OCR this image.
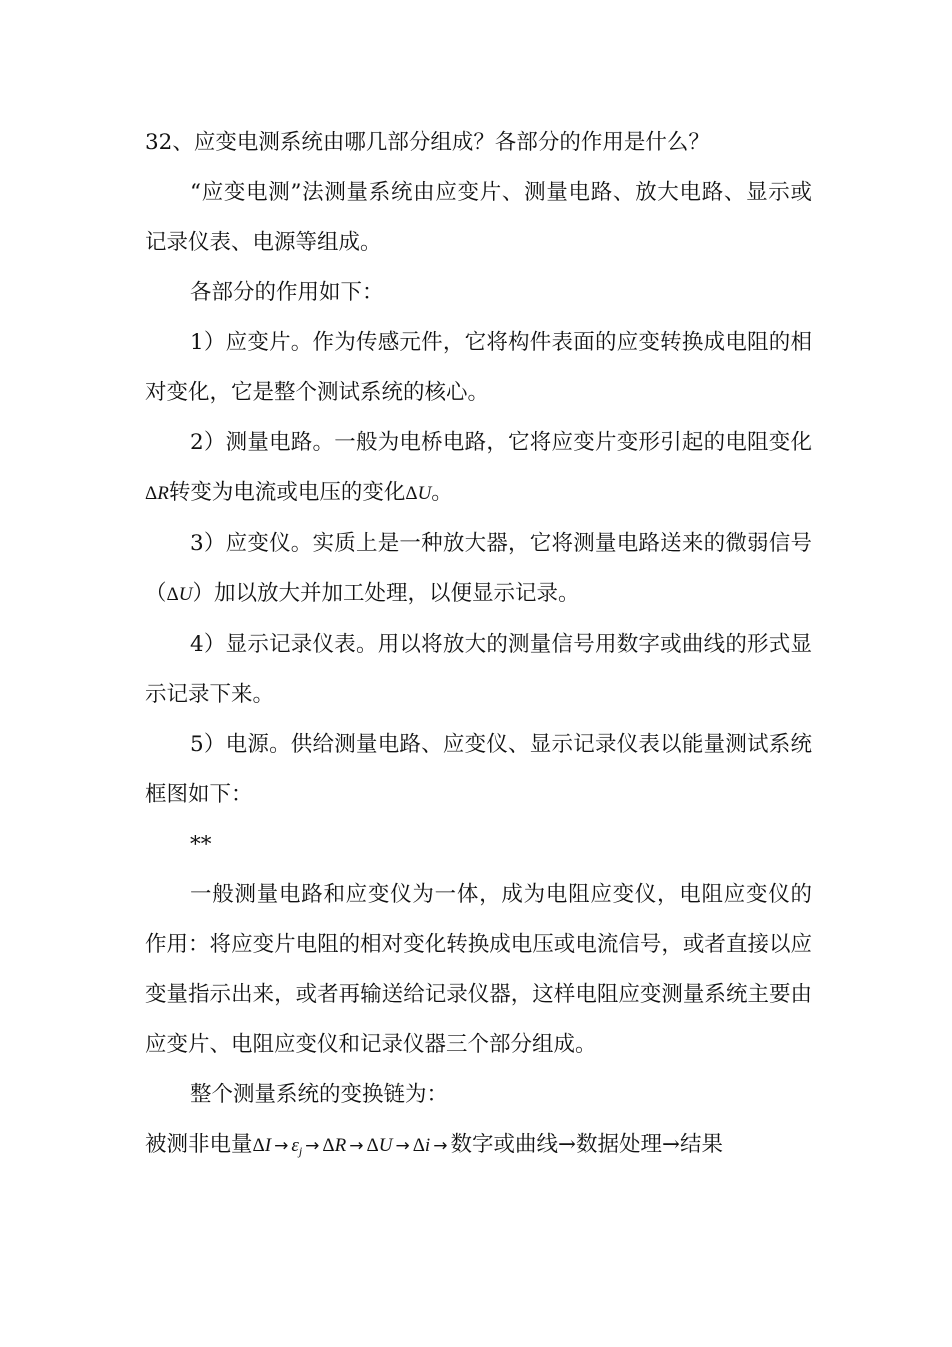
32、应变电测系统由哪几部分组成？各部分的作用是什么？

“应变电测”法测量系统由应变片、测量电路、放大电路、显示或记录仪表、电源等组成。

各部分的作用如下：

1）应变片。作为传感元件，它将构件表面的应变转换成电阻的相对变化，它是整个测试系统的核心。

2）测量电路。一般为电桥电路，它将应变片变形引起的电阻变化ΔR转变为电流或电压的变化ΔU。

3）应变仪。实质上是一种放大器，它将测量电路送来的微弱信号（ΔU）加以放大并加工处理，以便显示记录。

4）显示记录仪表。用以将放大的测量信号用数字或曲线的形式显示记录下来。

5）电源。供给测量电路、应变仪、显示记录仪表以能量测试系统框图如下：

**

一般测量电路和应变仪为一体，成为电阻应变仪，电阻应变仪的作用：将应变片电阻的相对变化转换成电压或电流信号，或者直接以应变量指示出来，或者再输送给记录仪器，这样电阻应变测量系统主要由应变片、电阻应变仪和记录仪器三个部分组成。

整个测量系统的变换链为：

被测非电量$\Delta I \to \varepsilon_j \to \Delta R \to \Delta U \to \Delta i$ → 数字或曲线→数据处理→结果
